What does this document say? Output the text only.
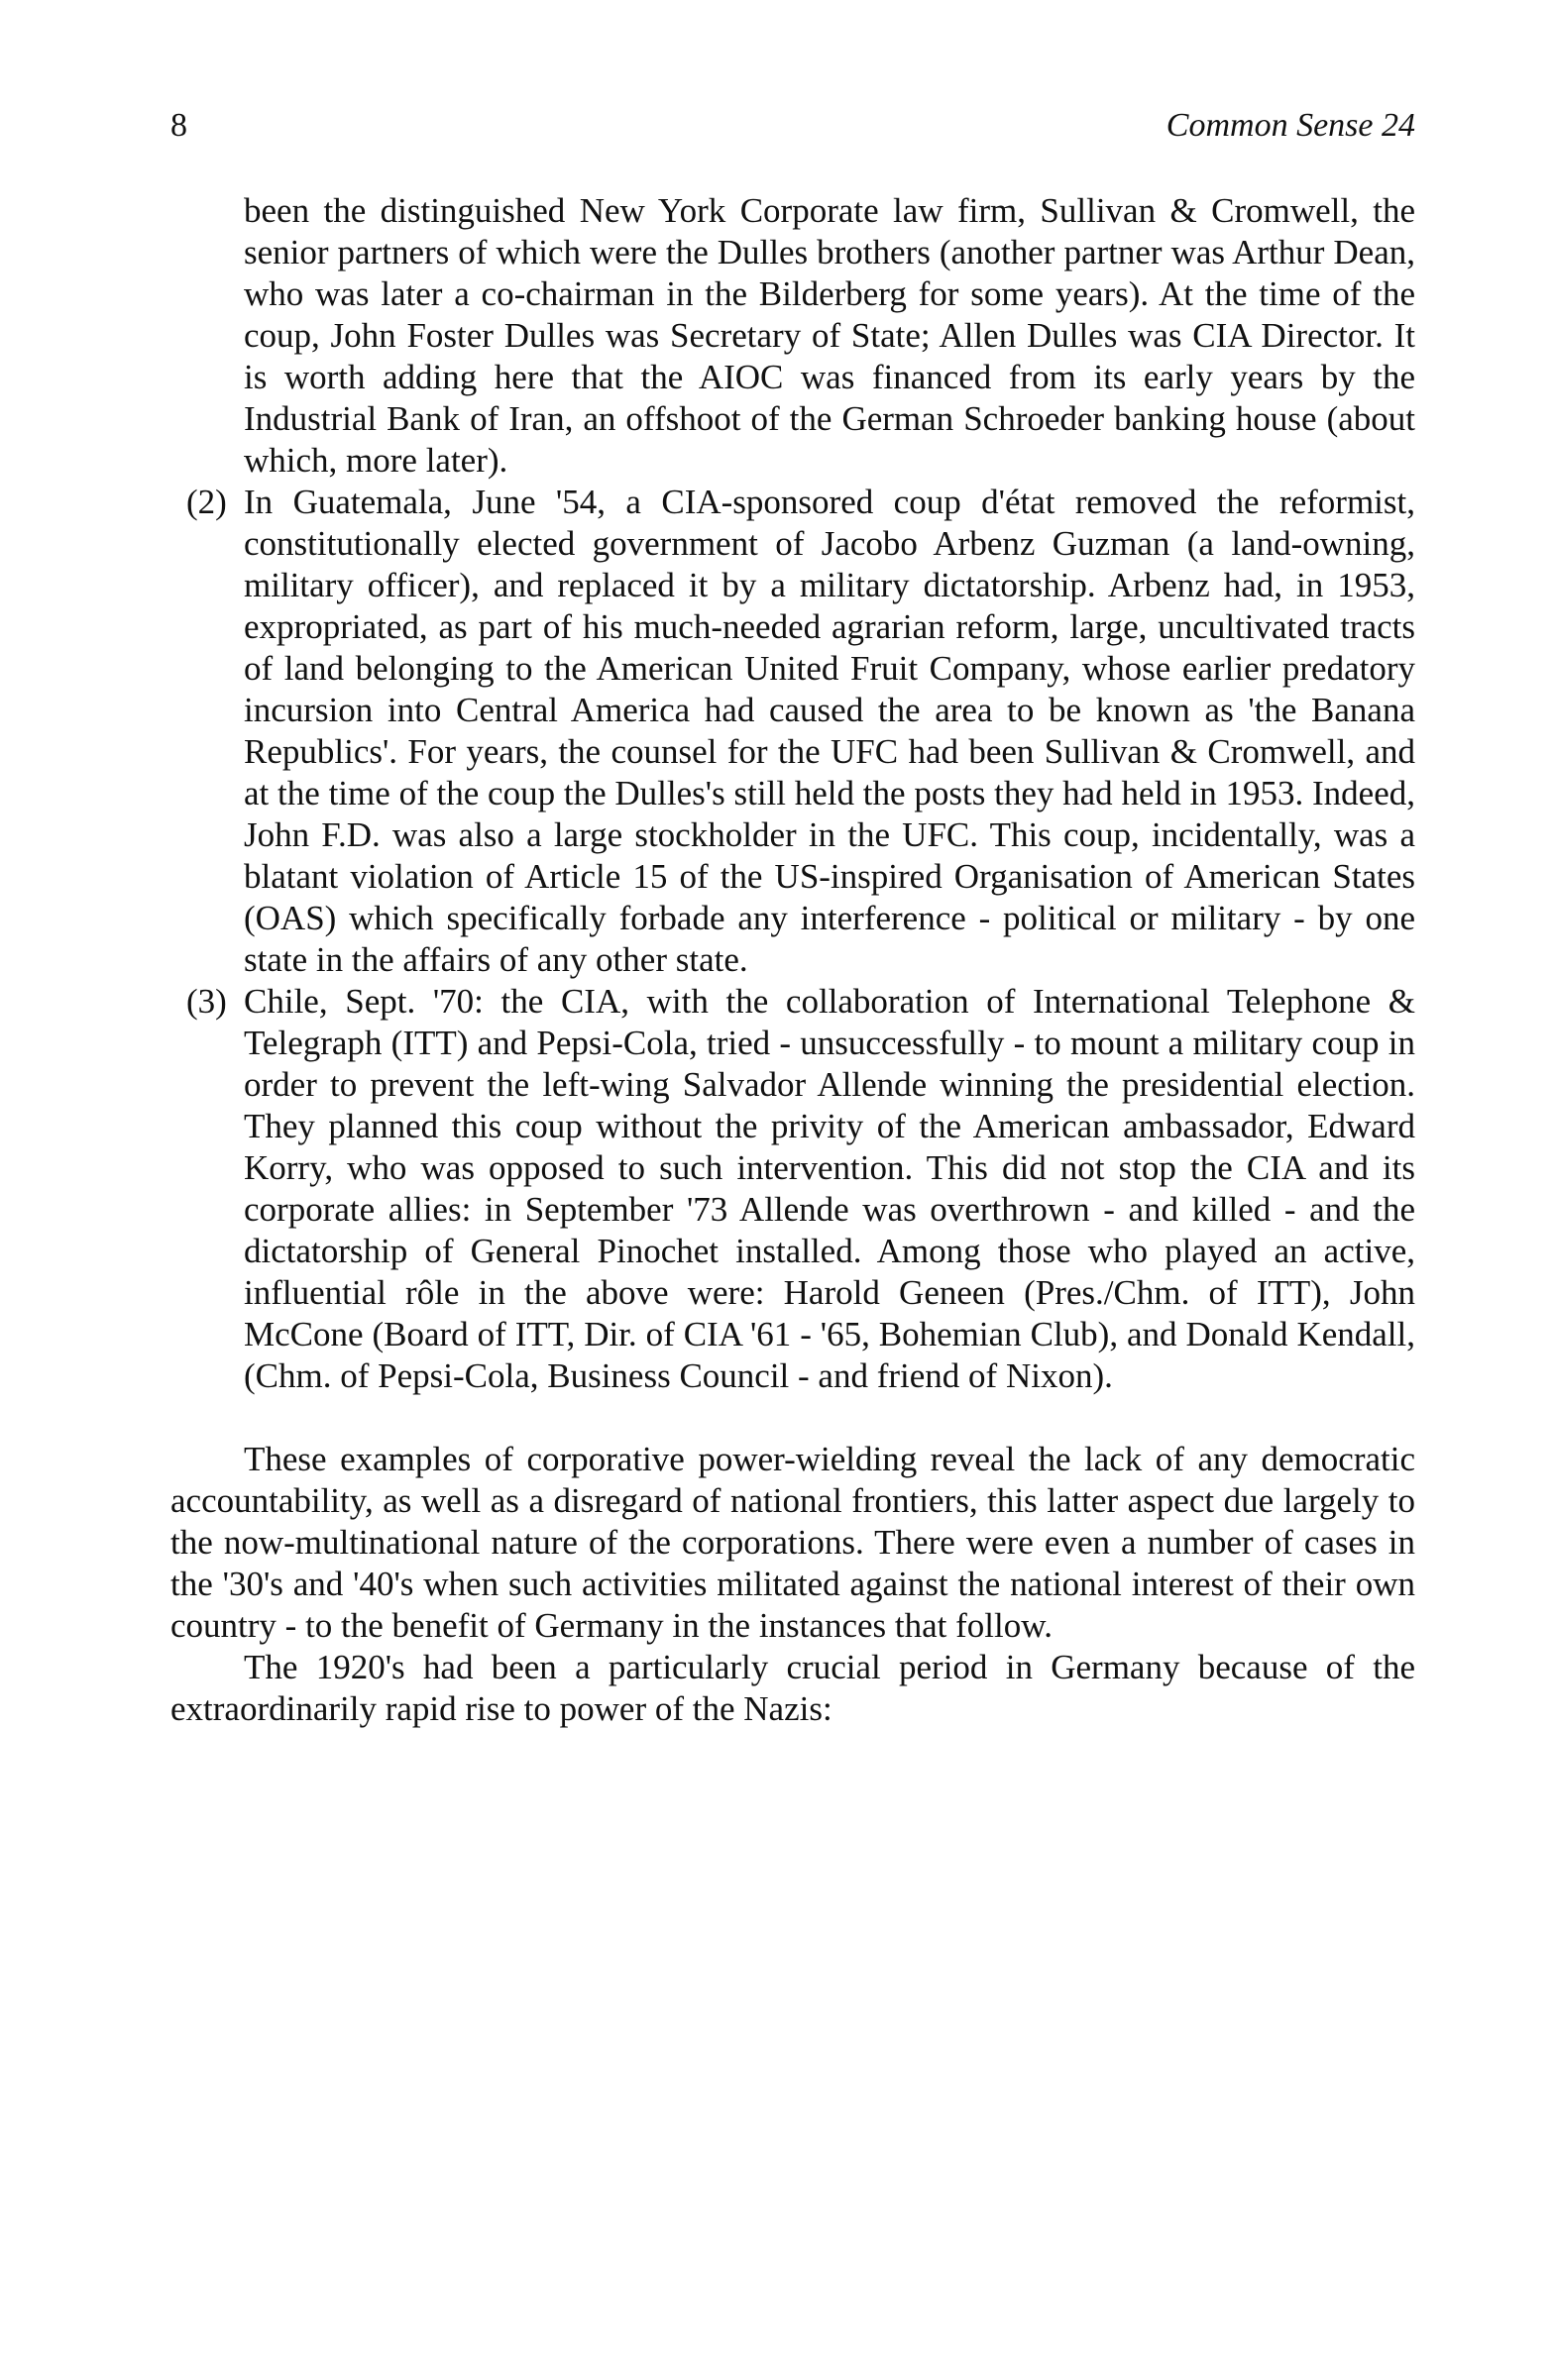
8	Common Sense 24

been the distinguished New York Corporate law firm, Sullivan & Cromwell, the senior partners of which were the Dulles brothers (another partner was Arthur Dean, who was later a co-chairman in the Bilderberg for some years). At the time of the coup, John Foster Dulles was Secretary of State; Allen Dulles was CIA Director. It is worth adding here that the AIOC was financed from its early years by the Industrial Bank of Iran, an offshoot of the German Schroeder banking house (about which, more later).

(2) In Guatemala, June '54, a CIA-sponsored coup d'état removed the reformist, constitutionally elected government of Jacobo Arbenz Guzman (a land-owning, military officer), and replaced it by a military dictatorship. Arbenz had, in 1953, expropriated, as part of his much-needed agrarian reform, large, uncultivated tracts of land belonging to the American United Fruit Company, whose earlier predatory incursion into Central America had caused the area to be known as 'the Banana Republics'. For years, the counsel for the UFC had been Sullivan & Cromwell, and at the time of the coup the Dulles's still held the posts they had held in 1953. Indeed, John F.D. was also a large stockholder in the UFC. This coup, incidentally, was a blatant violation of Article 15 of the US-inspired Organisation of American States (OAS) which specifically forbade any interference - political or military - by one state in the affairs of any other state.

(3) Chile, Sept. '70: the CIA, with the collaboration of International Telephone & Telegraph (ITT) and Pepsi-Cola, tried - unsuccessfully - to mount a military coup in order to prevent the left-wing Salvador Allende winning the presidential election. They planned this coup without the privity of the American ambassador, Edward Korry, who was opposed to such intervention. This did not stop the CIA and its corporate allies: in September '73 Allende was overthrown - and killed - and the dictatorship of General Pinochet installed. Among those who played an active, influential rôle in the above were: Harold Geneen (Pres./Chm. of ITT), John McCone (Board of ITT, Dir. of CIA '61 - '65, Bohemian Club), and Donald Kendall, (Chm. of Pepsi-Cola, Business Council - and friend of Nixon).

These examples of corporative power-wielding reveal the lack of any democratic accountability, as well as a disregard of national frontiers, this latter aspect due largely to the now-multinational nature of the corporations. There were even a number of cases in the '30's and '40's when such activities militated against the national interest of their own country - to the benefit of Germany in the instances that follow.

The 1920's had been a particularly crucial period in Germany because of the extraordinarily rapid rise to power of the Nazis:
